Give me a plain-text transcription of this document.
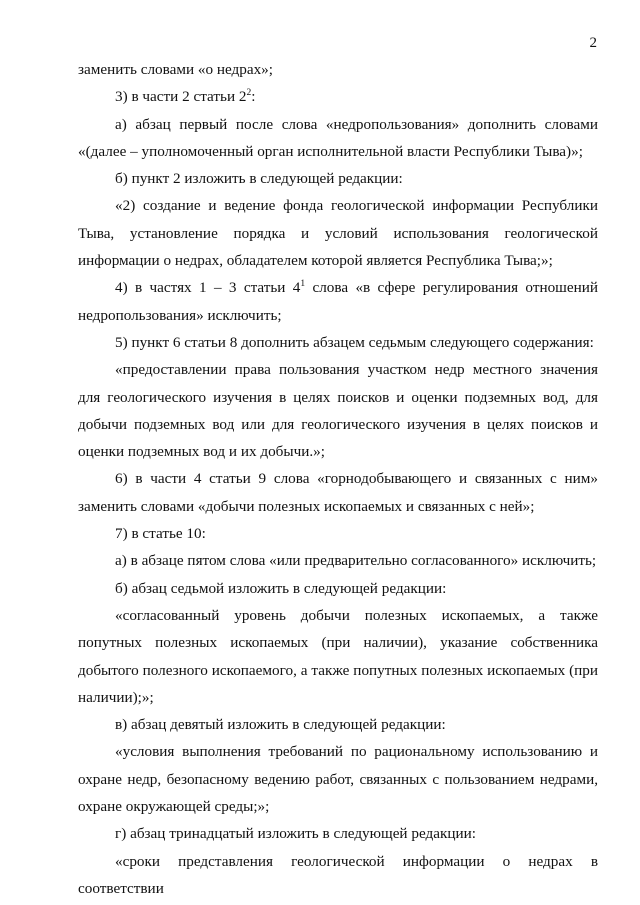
2

заменить словами «о недрах»;

3) в части 2 статьи $2^2$:

а) абзац первый после слова «недропользования» дополнить словами «(далее – уполномоченный орган исполнительной власти Республики Тыва)»;

б) пункт 2 изложить в следующей редакции:

«2) создание и ведение фонда геологической информации Республики Тыва, установление порядка и условий использования геологической информации о недрах, обладателем которой является Республика Тыва;»;

4) в частях 1 – 3 статьи $4^1$ слова «в сфере регулирования отношений недропользования» исключить;

5) пункт 6 статьи 8 дополнить абзацем седьмым следующего содержания:

«предоставлении права пользования участком недр местного значения для геологического изучения в целях поисков и оценки подземных вод, для добычи подземных вод или для геологического изучения в целях поисков и оценки подземных вод и их добычи.»;

6) в части 4 статьи 9 слова «горнодобывающего и связанных с ним» заменить словами «добычи полезных ископаемых и связанных с ней»;

7) в статье 10:

а) в абзаце пятом слова «или предварительно согласованного» исключить;

б) абзац седьмой изложить в следующей редакции:

«согласованный уровень добычи полезных ископаемых, а также попутных полезных ископаемых (при наличии), указание собственника добытого полезного ископаемого, а также попутных полезных ископаемых (при наличии);»;

в) абзац девятый изложить в следующей редакции:

«условия выполнения требований по рациональному использованию и охране недр, безопасному ведению работ, связанных с пользованием недрами, охране окружающей среды;»;

г) абзац тринадцатый изложить в следующей редакции:

«сроки представления геологической информации о недрах в соответствии
